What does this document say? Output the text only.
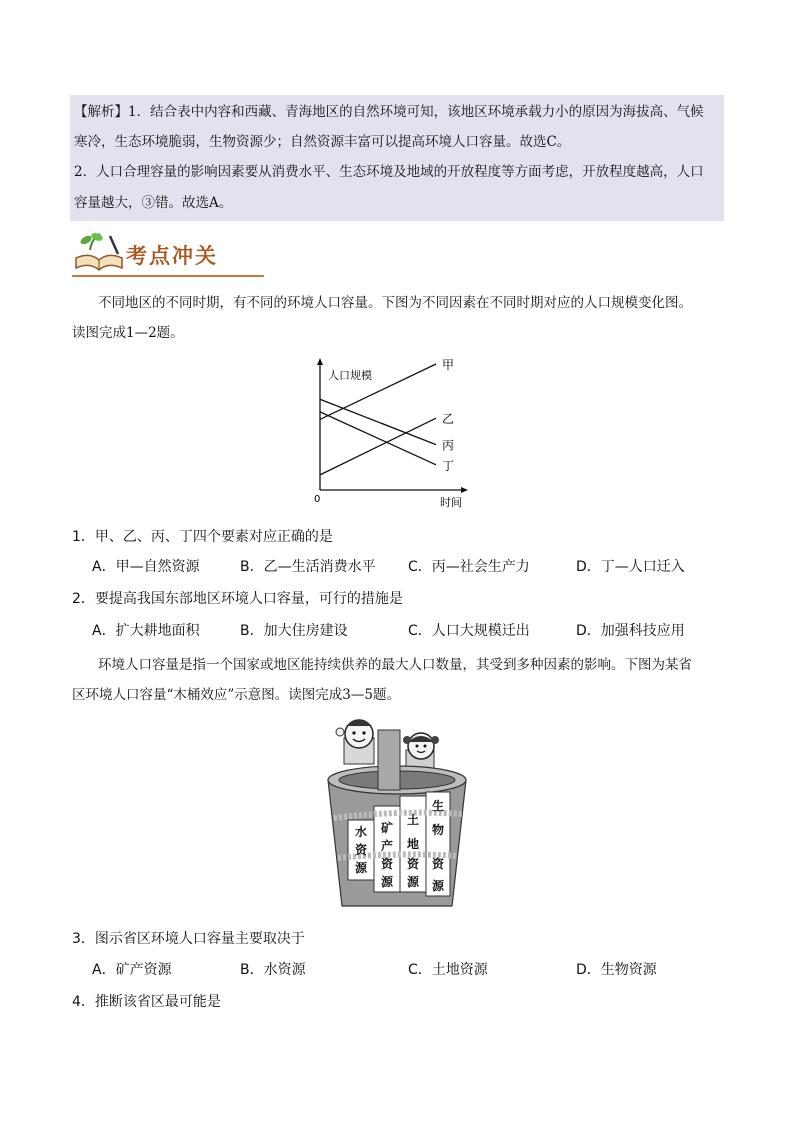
【解析】1．结合表中内容和西藏、青海地区的自然环境可知，该地区环境承载力小的原因为海拔高、气候

寒冷，生态环境脆弱，生物资源少；自然资源丰富可以提高环境人口容量。故选C。

2．人口合理容量的影响因素要从消费水平、生态环境及地域的开放程度等方面考虑，开放程度越高，人口

容量越大，③错。故选A。

考点冲关
不同地区的不同时期，有不同的环境人口容量。下图为不同因素在不同时期对应的人口规模变化图。
读图完成1—2题。
人口规模
时间
0
甲
乙
丙
丁
1．甲、乙、丙、丁四个要素对应正确的是
A．甲—自然资源	B．乙—生活消费水平 C．丙—社会生产力	D．丁—人口迁入
2．要提高我国东部地区环境人口容量，可行的措施是
A．扩大耕地面积	B．加大住房建设	C．人口大规模迁出	D．加强科技应用
环境人口容量是指一个国家或地区能持续供养的最大人口数量，其受到多种因素的影响。下图为某省
区环境人口容量“木桶效应”示意图。读图完成3—5题。
水
资
源
矿
产
资
源
土
地
资
源
生
物
资
源
3．图示省区环境人口容量主要取决于
A．矿产资源	B．水资源	C．土地资源	D．生物资源
4．推断该省区最可能是
